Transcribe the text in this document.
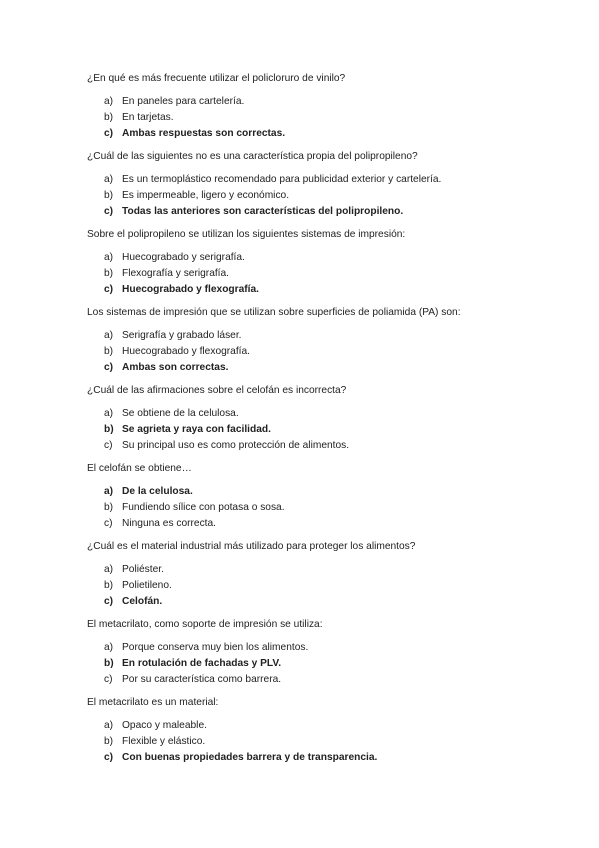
¿En qué es más frecuente utilizar el policloruro de vinilo?

a) En paneles para cartelería.
b) En tarjetas.
c) Ambas respuestas son correctas.

¿Cuál de las siguientes no es una característica propia del polipropileno?

a) Es un termoplástico recomendado para publicidad exterior y cartelería.
b) Es impermeable, ligero y económico.
c) Todas las anteriores son características del polipropileno.

Sobre el polipropileno se utilizan los siguientes sistemas de impresión:

a) Huecograbado y serigrafía.
b) Flexografía y serigrafía.
c) Huecograbado y flexografía.

Los sistemas de impresión que se utilizan sobre superficies de poliamida (PA) son:

a) Serigrafía y grabado láser.
b) Huecograbado y flexografía.
c) Ambas son correctas.

¿Cuál de las afirmaciones sobre el celofán es incorrecta?

a) Se obtiene de la celulosa.
b) Se agrieta y raya con facilidad.
c) Su principal uso es como protección de alimentos.

El celofán se obtiene…

a) De la celulosa.
b) Fundiendo sílice con potasa o sosa.
c) Ninguna es correcta.

¿Cuál es el material industrial más utilizado para proteger los alimentos?

a) Poliéster.
b) Polietileno.
c) Celofán.

El metacrilato, como soporte de impresión se utiliza:

a) Porque conserva muy bien los alimentos.
b) En rotulación de fachadas y PLV.
c) Por su característica como barrera.

El metacrilato es un material:

a) Opaco y maleable.
b) Flexible y elástico.
c) Con buenas propiedades barrera y de transparencia.
